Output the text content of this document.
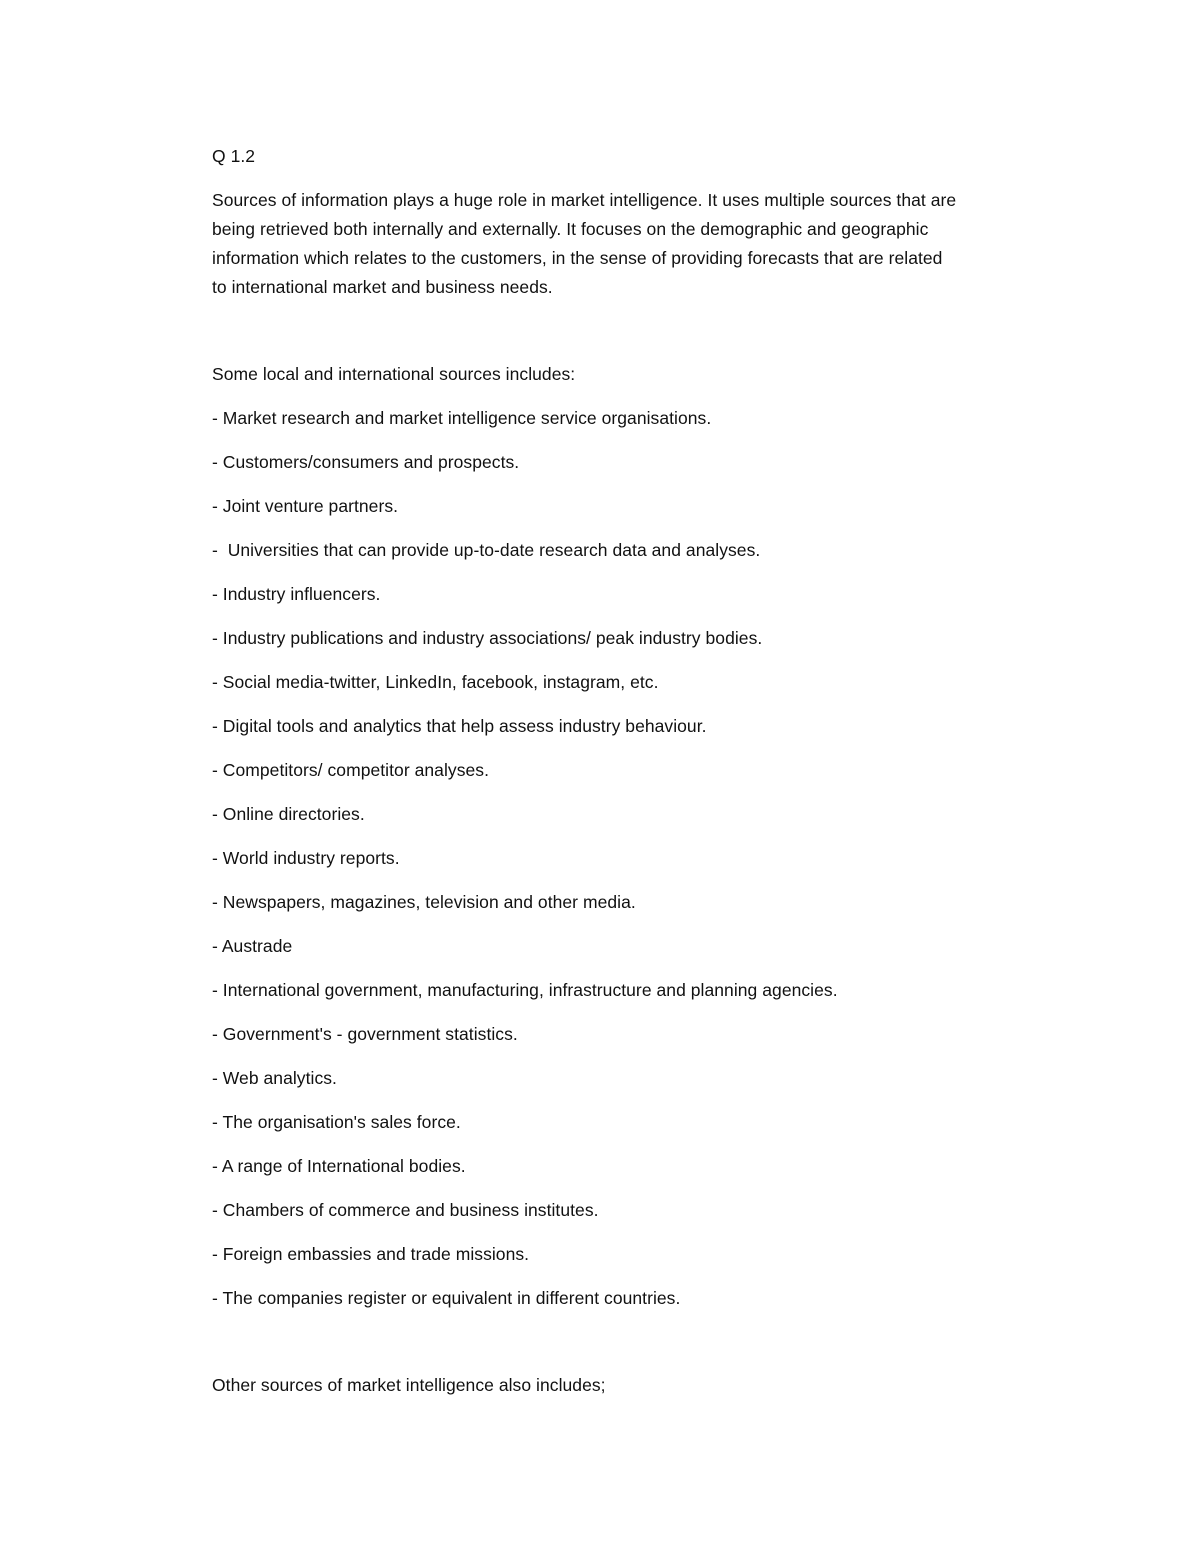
Q 1.2

Sources of information plays a huge role in market intelligence. It uses multiple sources that are
being retrieved both internally and externally. It focuses on the demographic and geographic
information which relates to the customers, in the sense of providing forecasts that are related
to international market and business needs.

Some local and international sources includes:

- Market research and market intelligence service organisations.
- Customers/consumers and prospects.
- Joint venture partners.
-  Universities that can provide up-to-date research data and analyses.
- Industry influencers.
- Industry publications and industry associations/ peak industry bodies.
- Social media-twitter, LinkedIn, facebook, instagram, etc.
- Digital tools and analytics that help assess industry behaviour.
- Competitors/ competitor analyses.
- Online directories.
- World industry reports.
- Newspapers, magazines, television and other media.
- Austrade
- International government, manufacturing, infrastructure and planning agencies.
- Government's - government statistics.
- Web analytics.
- The organisation's sales force.
- A range of International bodies.
- Chambers of commerce and business institutes.
- Foreign embassies and trade missions.
- The companies register or equivalent in different countries.

Other sources of market intelligence also includes;
